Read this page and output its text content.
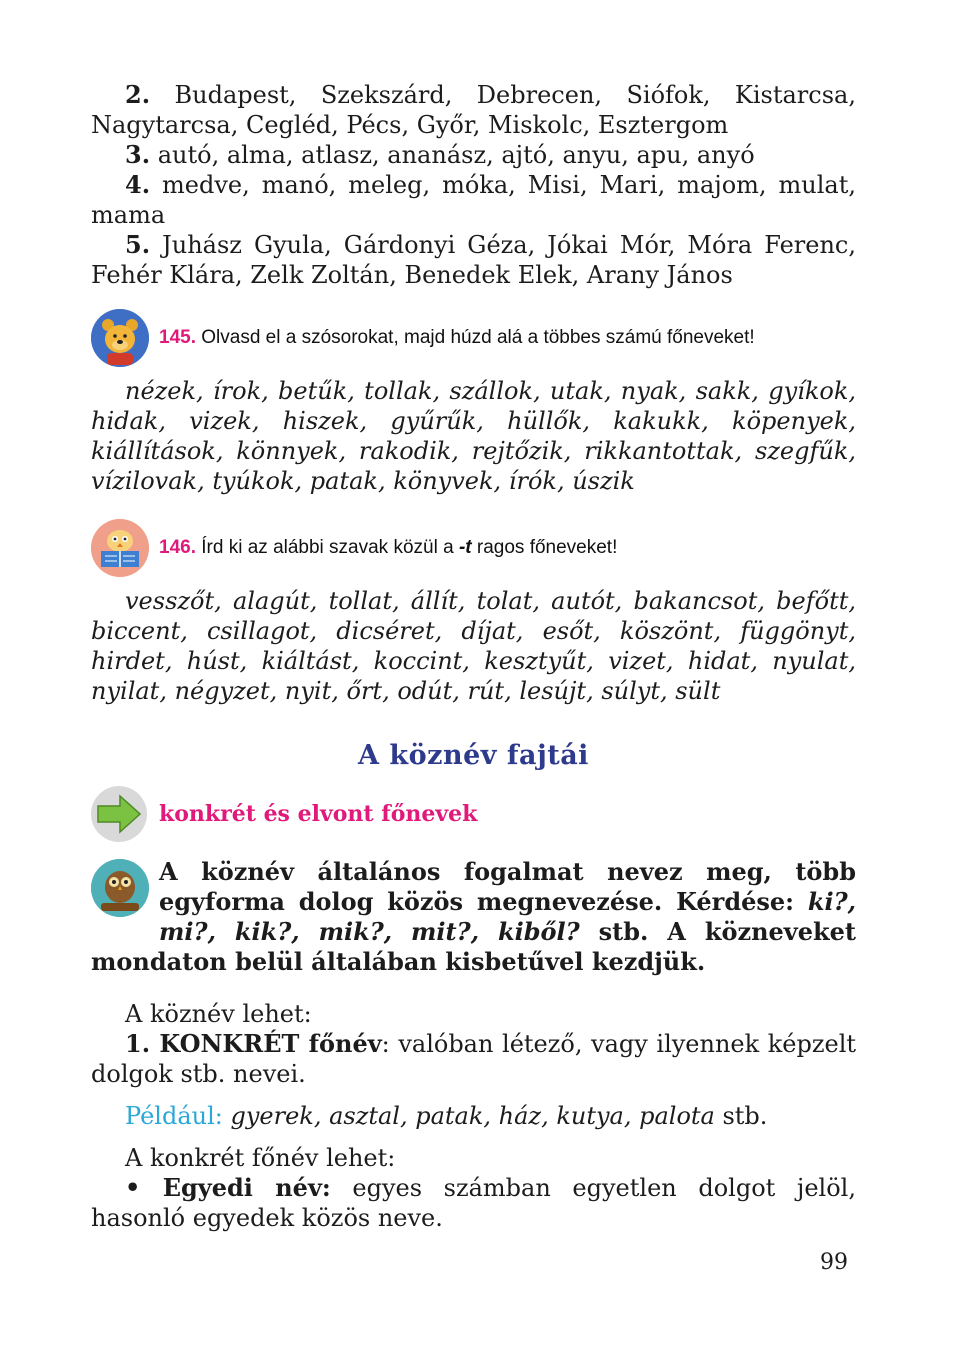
2. Budapest, Szekszárd, Debrecen, Siófok, Kistarcsa, Nagytarcsa, Cegléd, Pécs, Győr, Miskolc, Esztergom

3. autó, alma, atlasz, ananász, ajtó, anyu, apu, anyó

4. medve, manó, meleg, móka, Misi, Mari, majom, mulat, mama

5. Juhász Gyula, Gárdonyi Géza, Jókai Mór, Móra Ferenc, Fehér Klára, Zelk Zoltán, Benedek Elek, Arany János

145. Olvasd el a szósorokat, majd húzd alá a többes számú főneveket!

nézek, írok, betűk, tollak, szállok, utak, nyak, sakk, gyíkok, hidak, vizek, hiszek, gyűrűk, hüllők, kakukk, köpenyek, kiállítások, könnyek, rakodik, rejtőzik, rikkantottak, szegfűk, vízilovak, tyúkok, patak, könyvek, írók, úszik

146. Írd ki az alábbi szavak közül a -t ragos főneveket!

vesszőt, alagút, tollat, állít, tolat, autót, bakancsot, befőtt, biccent, csillagot, dicséret, díjat, esőt, köszönt, függönyt, hirdet, húst, kiáltást, koccint, kesztyűt, vizet, hidat, nyulat, nyilat, négyzet, nyit, őrt, odút, rút, lesújt, súlyt, sült

A köznév fajtái
konkrét és elvont főnevek
A köznév általános fogalmat nevez meg, több egyforma dolog közös megnevezése. Kérdése: ki?, mi?, kik?, mik?, mit?, kiből? stb. A közneveket mondaton belül általában kisbetűvel kezdjük.

A köznév lehet:

1. KONKRÉT főnév: valóban létező, vagy ilyennek képzelt dolgok stb. nevei.

Például: gyerek, asztal, patak, ház, kutya, palota stb.

A konkrét főnév lehet:

• Egyedi név: egyes számban egyetlen dolgot jelöl, hasonló egyedek közös neve.

99
